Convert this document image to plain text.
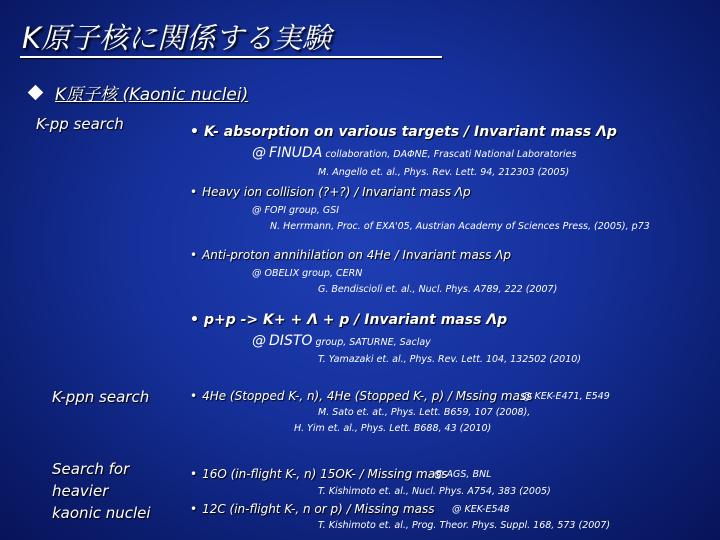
K原子核に関係する実験
K原子核 (Kaonic nuclei)
K-pp search
K-ppn search
Search for
heavier
kaonic nuclei
• K- absorption on various targets / Invariant mass Λp
@ FINUDA collaboration, DAΦNE, Frascati National Laboratories
M. Angello et. al., Phys. Rev. Lett. 94, 212303 (2005)
• Heavy ion collision (?+?) / Invariant mass Λp
@ FOPI group, GSI
N. Herrmann, Proc. of EXA'05, Austrian Academy of Sciences Press, (2005), p73
• Anti-proton annihilation on 4He / Invariant mass Λp
@ OBELIX group, CERN
G. Bendiscioli et. al., Nucl. Phys. A789, 222 (2007)
• p+p -> K+ + Λ + p / Invariant mass Λp
@ DISTO group, SATURNE, Saclay
T. Yamazaki et. al., Phys. Rev. Lett. 104, 132502 (2010)
• 4He (Stopped K-, n), 4He (Stopped K-, p) / Mssing mass
@ KEK-E471, E549
M. Sato et. at., Phys. Lett. B659, 107 (2008),
H. Yim et. al., Phys. Lett. B688, 43 (2010)
• 16O (in-flight K-, n) 15OK- / Missing mass
@ AGS, BNL
T. Kishimoto et. al., Nucl. Phys. A754, 383 (2005)
• 12C (in-flight K-, n or p) / Missing mass @ KEK-E548
T. Kishimoto et. al., Prog. Theor. Phys. Suppl. 168, 573 (2007)
